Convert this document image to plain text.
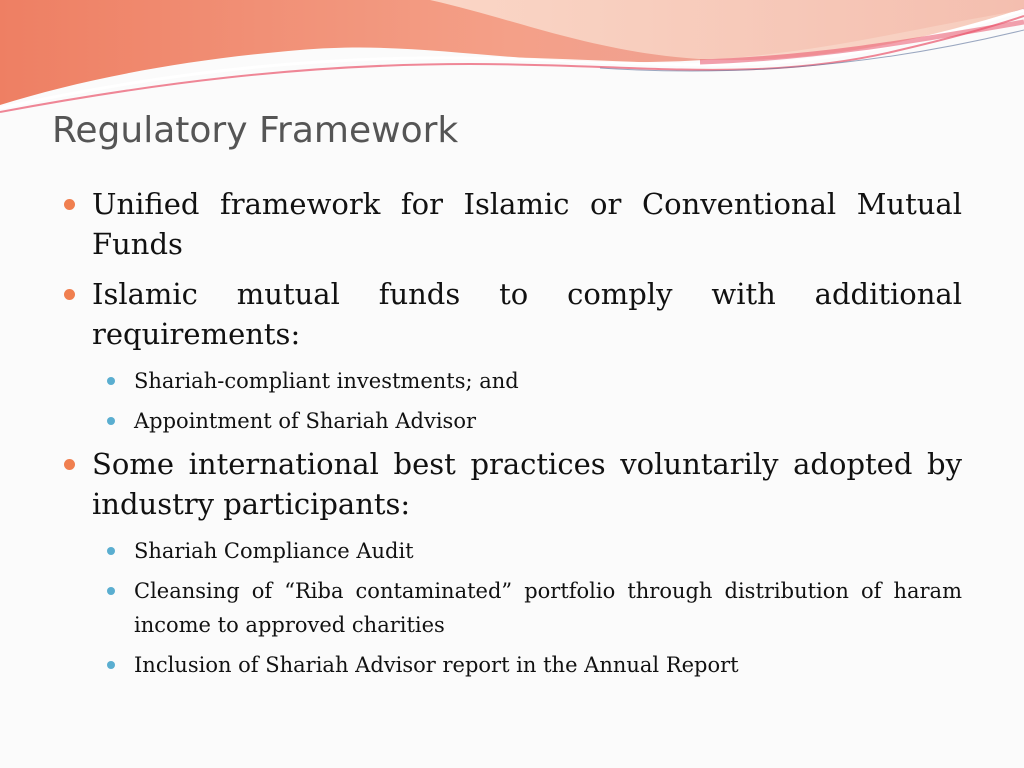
Regulatory Framework
Unified framework for Islamic or Conventional Mutual Funds
Islamic mutual funds to comply with additional requirements:
Shariah-compliant investments; and
Appointment of Shariah Advisor
Some international best practices voluntarily adopted by industry participants:
Shariah Compliance Audit
Cleansing of “Riba contaminated” portfolio through distribution of haram income to approved charities
Inclusion of Shariah Advisor report in the Annual Report
